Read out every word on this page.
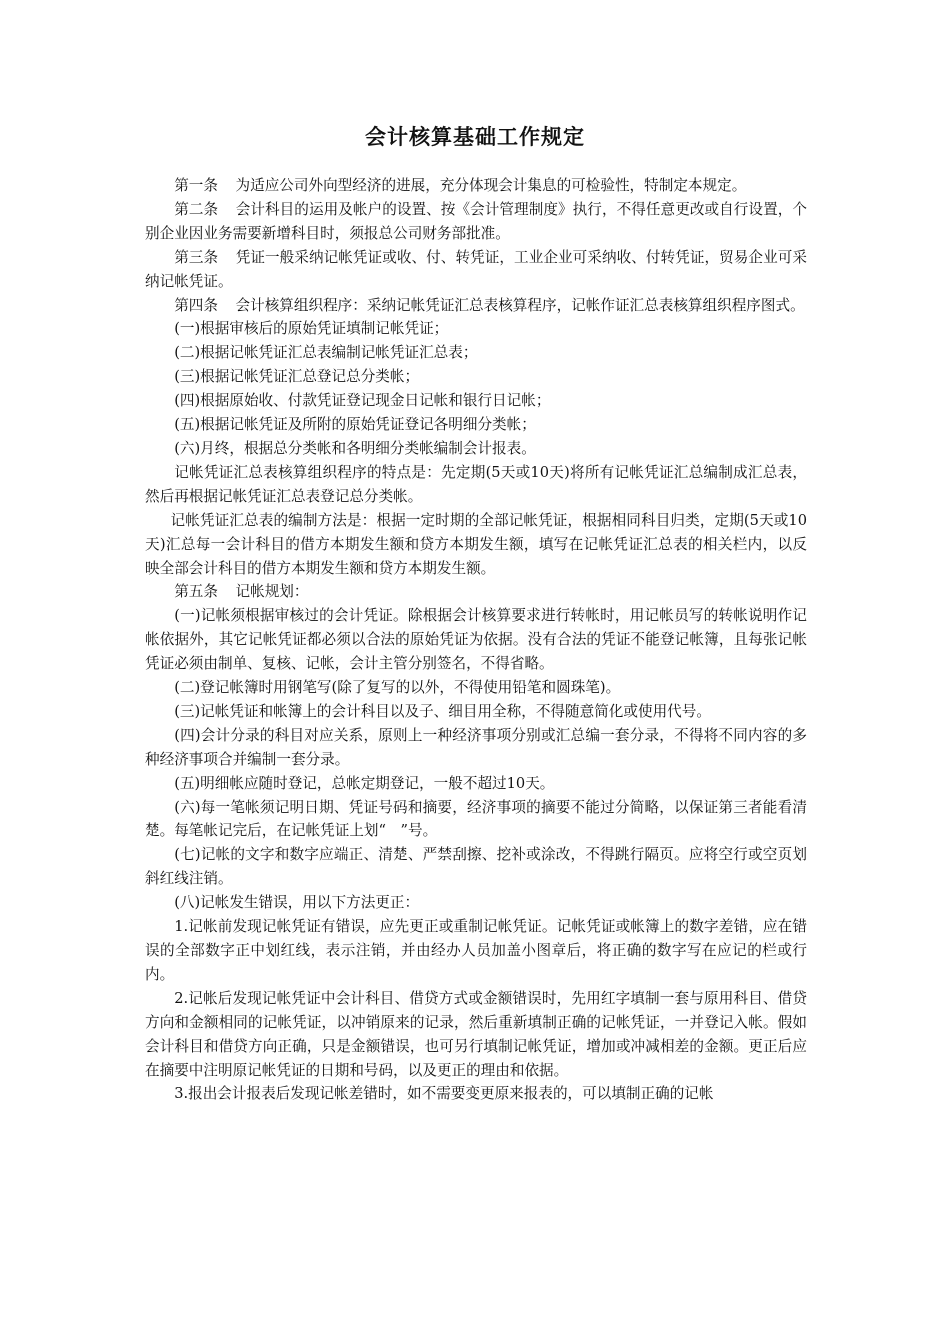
会计核算基础工作规定

第一条 为适应公司外向型经济的进展，充分体现会计集息的可检验性，特制定本规定。

第二条 会计科目的运用及帐户的设置、按《会计管理制度》执行，不得任意更改或自行设置，个别企业因业务需要新增科目时，须报总公司财务部批准。

第三条 凭证一般采纳记帐凭证或收、付、转凭证，工业企业可采纳收、付转凭证，贸易企业可采纳记帐凭证。

第四条 会计核算组织程序：采纳记帐凭证汇总表核算程序，记帐作证汇总表核算组织程序图式。

(一)根据审核后的原始凭证填制记帐凭证；

(二)根据记帐凭证汇总表编制记帐凭证汇总表；

(三)根据记帐凭证汇总登记总分类帐；

(四)根据原始收、付款凭证登记现金日记帐和银行日记帐；

(五)根据记帐凭证及所附的原始凭证登记各明细分类帐；

(六)月终，根据总分类帐和各明细分类帐编制会计报表。

记帐凭证汇总表核算组织程序的特点是：先定期(5天或10天)将所有记帐凭证汇总编制成汇总表，然后再根据记帐凭证汇总表登记总分类帐。

记帐凭证汇总表的编制方法是：根据一定时期的全部记帐凭证，根据相同科目归类，定期(5天或10天)汇总每一会计科目的借方本期发生额和贷方本期发生额，填写在记帐凭证汇总表的相关栏内，以反映全部会计科目的借方本期发生额和贷方本期发生额。

第五条 记帐规划：

(一)记帐须根据审核过的会计凭证。除根据会计核算要求进行转帐时，用记帐员写的转帐说明作记帐依据外，其它记帐凭证都必须以合法的原始凭证为依据。没有合法的凭证不能登记帐簿，且每张记帐凭证必须由制单、复核、记帐，会计主管分别签名，不得省略。

(二)登记帐簿时用钢笔写(除了复写的以外，不得使用铅笔和圆珠笔)。

(三)记帐凭证和帐簿上的会计科目以及子、细目用全称，不得随意简化或使用代号。

(四)会计分录的科目对应关系，原则上一种经济事项分别或汇总编一套分录，不得将不同内容的多种经济事项合并编制一套分录。

(五)明细帐应随时登记，总帐定期登记，一般不超过10天。

(六)每一笔帐须记明日期、凭证号码和摘要，经济事项的摘要不能过分简略，以保证第三者能看清楚。每笔帐记完后，在记帐凭证上划“　”号。

(七)记帐的文字和数字应端正、清楚、严禁刮擦、挖补或涂改，不得跳行隔页。应将空行或空页划斜红线注销。

(八)记帐发生错误，用以下方法更正：

1.记帐前发现记帐凭证有错误，应先更正或重制记帐凭证。记帐凭证或帐簿上的数字差错，应在错误的全部数字正中划红线，表示注销，并由经办人员加盖小图章后，将正确的数字写在应记的栏或行内。

2.记帐后发现记帐凭证中会计科目、借贷方式或金额错误时，先用红字填制一套与原用科目、借贷方向和金额相同的记帐凭证，以冲销原来的记录，然后重新填制正确的记帐凭证，一并登记入帐。假如会计科目和借贷方向正确，只是金额错误，也可另行填制记帐凭证，增加或冲减相差的金额。更正后应在摘要中注明原记帐凭证的日期和号码，以及更正的理由和依据。

3.报出会计报表后发现记帐差错时，如不需要变更原来报表的，可以填制正确的记帐
